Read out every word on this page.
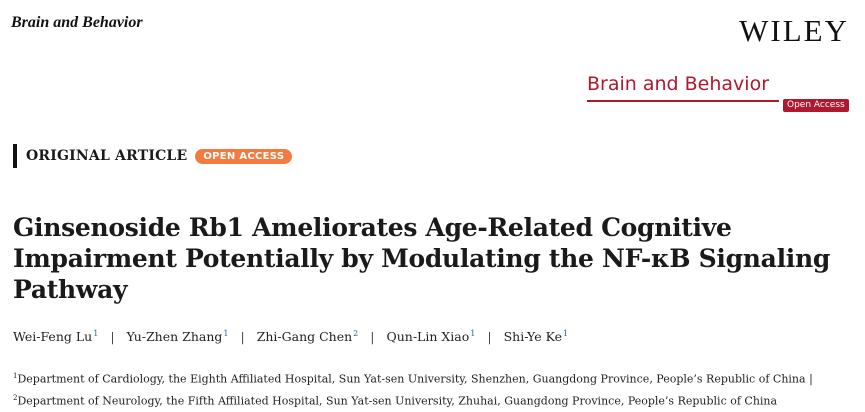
Brain and Behavior	WILEY
Brain and Behavior
Open Access
ORIGINAL ARTICLE	OPEN ACCESS
Ginsenoside Rb1 Ameliorates Age-Related Cognitive Impairment Potentially by Modulating the NF-κB Signaling Pathway
Wei-Feng Lu$^1$ | Yu-Zhen Zhang$^1$ | Zhi-Gang Chen$^2$ | Qun-Lin Xiao$^1$ | Shi-Ye Ke$^1$

$^1$Department of Cardiology, the Eighth Affiliated Hospital, Sun Yat-sen University, Shenzhen, Guangdong Province, People’s Republic of China | $^2$Department of Neurology, the Fifth Affiliated Hospital, Sun Yat-sen University, Zhuhai, Guangdong Province, People’s Republic of China
